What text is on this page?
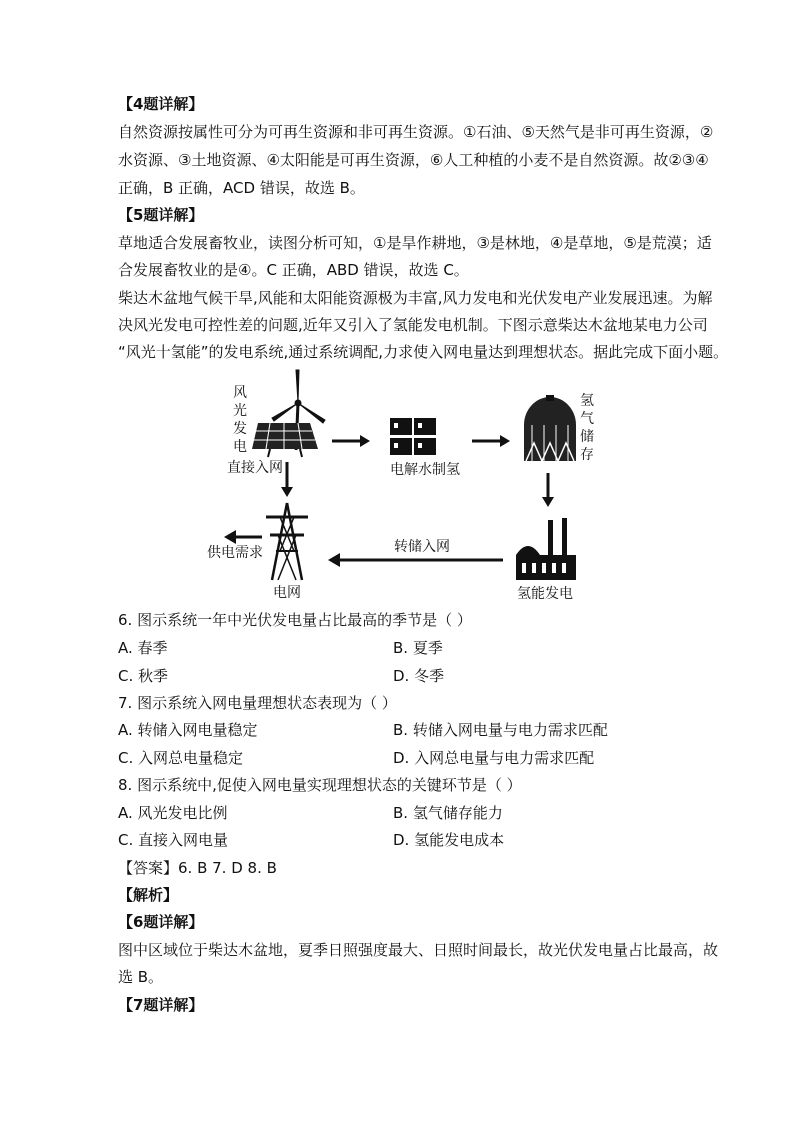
【4题详解】
自然资源按属性可分为可再生资源和非可再生资源。①石油、⑤天然气是非可再生资源，②
水资源、③土地资源、④太阳能是可再生资源，⑥人工种植的小麦不是自然资源。故②③④
正确，B 正确，ACD 错误，故选 B。
【5题详解】
草地适合发展畜牧业，读图分析可知，①是旱作耕地，③是林地，④是草地，⑤是荒漠；适
合发展畜牧业的是④。C 正确，ABD 错误，故选 C。
柴达木盆地气候干旱,风能和太阳能资源极为丰富,风力发电和光伏发电产业发展迅速。为解
决风光发电可控性差的问题,近年又引入了氢能发电机制。下图示意柴达木盆地某电力公司
“风光十氢能”的发电系统,通过系统调配,力求使入网电量达到理想状态。据此完成下面小题。
风
光
发
电
直接入网	电解水制氢
氢
气
储
存
氢能发电
转储入网
电网
供电需求
6. 图示系统一年中光伏发电量占比最高的季节是（ ）
A. 春季	B. 夏季
C. 秋季	D. 冬季
7. 图示系统入网电量理想状态表现为（ ）
A. 转储入网电量稳定	B. 转储入网电量与电力需求匹配
C. 入网总电量稳定	D. 入网总电量与电力需求匹配
8. 图示系统中,促使入网电量实现理想状态的关键环节是（ ）
A. 风光发电比例	B. 氢气储存能力
C. 直接入网电量	D. 氢能发电成本
【答案】6. B 7. D 8. B
【解析】
【6题详解】
图中区域位于柴达木盆地，夏季日照强度最大、日照时间最长，故光伏发电量占比最高，故
选 B。
【7题详解】
